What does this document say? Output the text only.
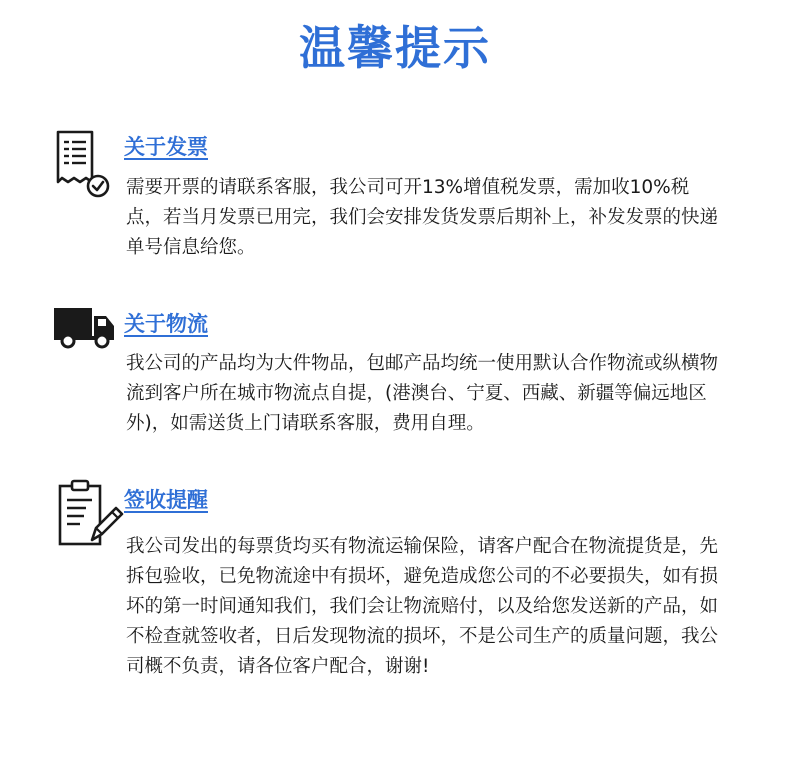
温馨提示
关于发票

需要开票的请联系客服，我公司可开13%增值税发票，需加收10%税点，若当月发票已用完，我们会安排发货发票后期补上，补发发票的快递单号信息给您。

关于物流

我公司的产品均为大件物品，包邮产品均统一使用默认合作物流或纵横物流到客户所在城市物流点自提，(港澳台、宁夏、西藏、新疆等偏远地区外)，如需送货上门请联系客服，费用自理。

签收提醒

我公司发出的每票货均买有物流运输保险，请客户配合在物流提货是，先拆包验收，已免物流途中有损坏，避免造成您公司的不必要损失，如有损坏的第一时间通知我们，我们会让物流赔付，以及给您发送新的产品，如不检查就签收者，日后发现物流的损坏，不是公司生产的质量问题，我公司概不负责，请各位客户配合，谢谢!
